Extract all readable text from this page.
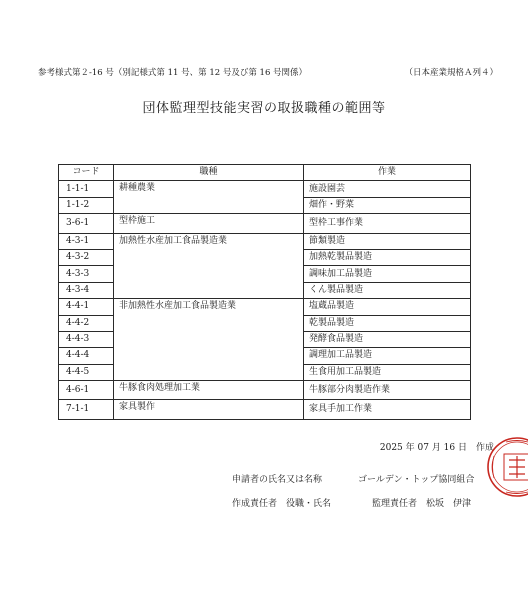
参考様式第２-16 号（別記様式第 11 号、第 12 号及び第 16 号関係）	（日本産業規格Ａ列４）
団体監理型技能実習の取扱職種の範囲等
コード	職種	作業
1-1-1	耕種農業	施設園芸
1-1-2		畑作・野菜
3-6-1	型枠施工	型枠工事作業
4-3-1	加熱性水産加工食品製造業	節類製造
4-3-2		加熱乾製品製造
4-3-3		調味加工品製造
4-3-4		くん製品製造
4-4-1	非加熱性水産加工食品製造業	塩蔵品製造
4-4-2		乾製品製造
4-4-3		発酵食品製造
4-4-4		調理加工品製造
4-4-5		生食用加工品製造
4-6-1	牛豚食肉処理加工業	牛豚部分肉製造作業
7-1-1	家具製作	家具手加工作業
2025 年 07 月 16 日　作成
申請者の氏名又は名称	ゴールデン・トップ協同組合
作成責任者　役職・氏名	監理責任者　松坂　伊津
